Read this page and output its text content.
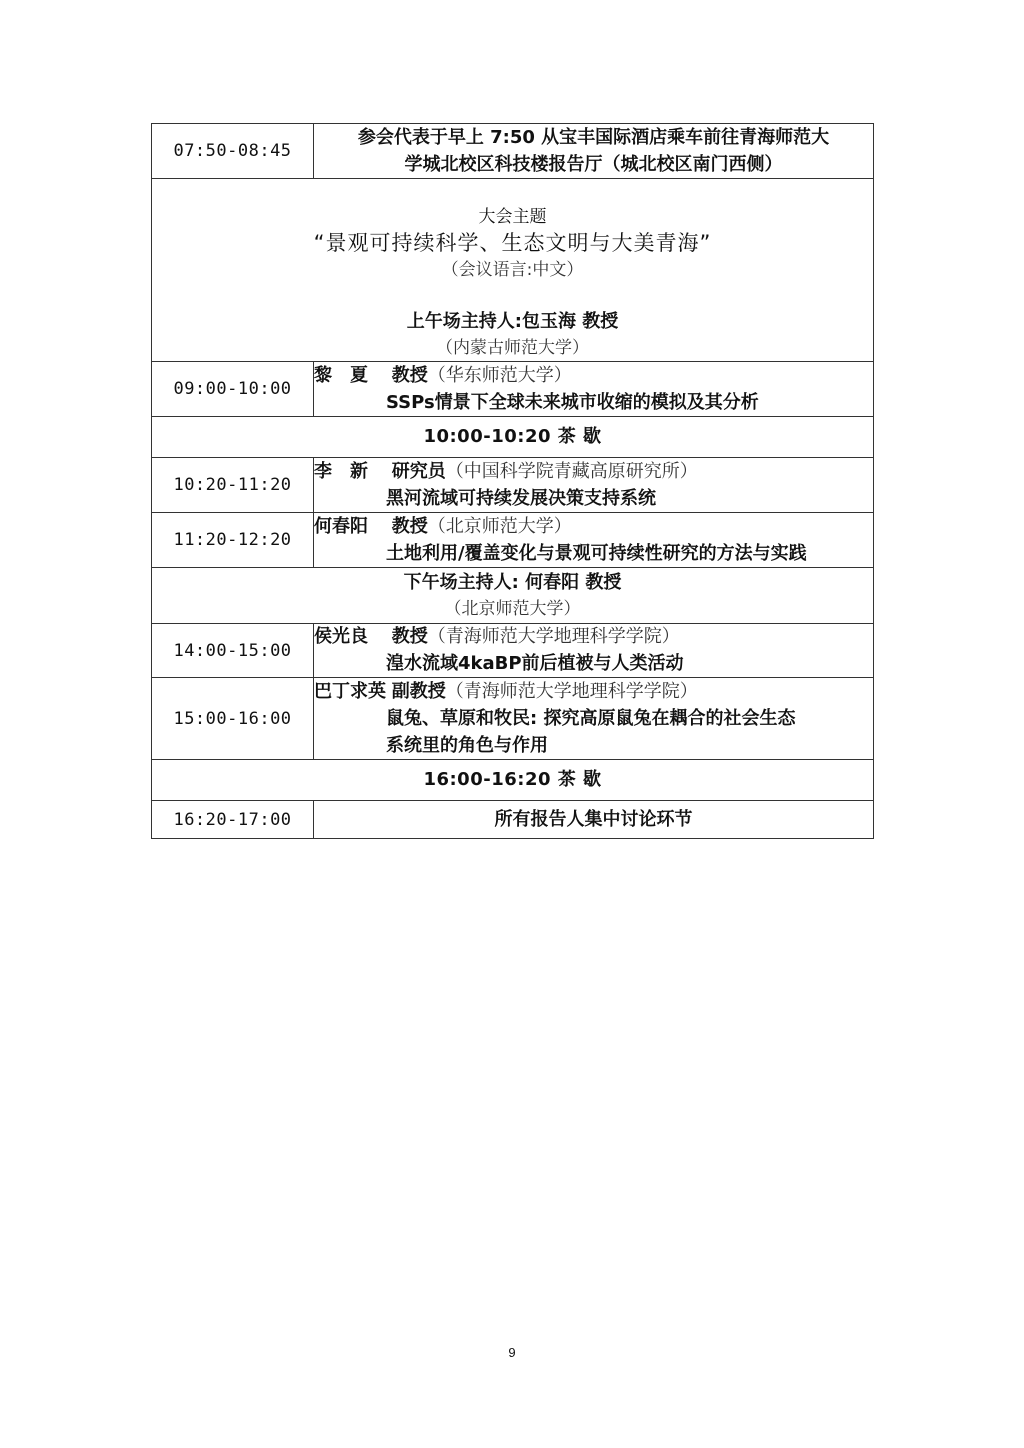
07:50-08:45	参会代表于早上 7:50 从宝丰国际酒店乘车前往青海师范大
学城北校区科技楼报告厅（城北校区南门西侧）

大会主题
“景观可持续科学、生态文明与大美青海”
（会议语言:中文）
上午场主持人:包玉海 教授
（内蒙古师范大学）	

09:00-10:00	黎　夏 教授（华东师范大学）
SSPs情景下全球未来城市收缩的模拟及其分析

10:00-10:20 茶 歇	
10:20-11:20	李　新 研究员（中国科学院青藏高原研究所）
黑河流域可持续发展决策支持系统

11:20-12:20	何春阳 教授（北京师范大学）
土地利用/覆盖变化与景观可持续性研究的方法与实践

下午场主持人: 何春阳 教授
（北京师范大学）	

14:00-15:00	侯光良 教授（青海师范大学地理科学学院）
湟水流域4kaBP前后植被与人类活动

15:00-16:00	巴丁求英 副教授（青海师范大学地理科学学院）
鼠兔、草原和牧民: 探究高原鼠兔在耦合的社会生态
系统里的角色与作用

16:00-16:20 茶 歇	
16:20-17:00	所有报告人集中讨论环节
9
